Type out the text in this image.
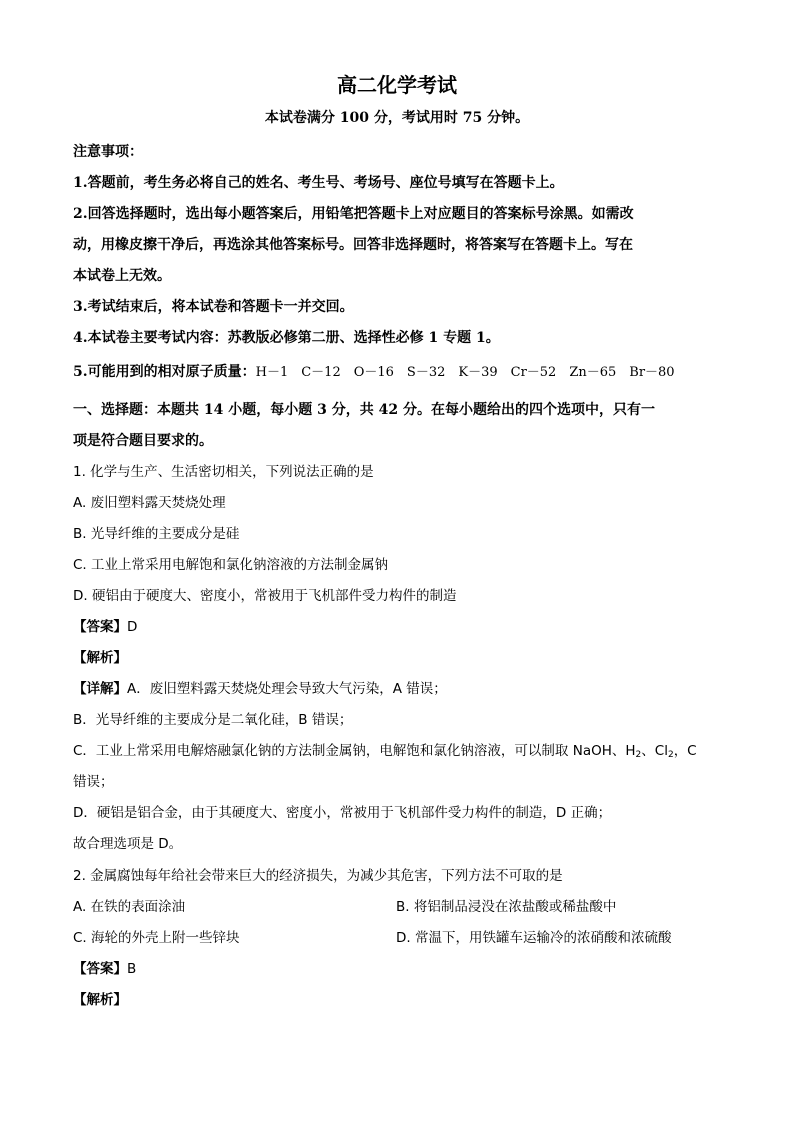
高二化学考试
本试卷满分 100 分，考试用时 75 分钟。
注意事项：
1.答题前，考生务必将自己的姓名、考生号、考场号、座位号填写在答题卡上。
2.回答选择题时，选出每小题答案后，用铅笔把答题卡上对应题目的答案标号涂黑。如需改
动，用橡皮擦干净后，再选涂其他答案标号。回答非选择题时，将答案写在答题卡上。写在
本试卷上无效。
3.考试结束后，将本试卷和答题卡一并交回。
4.本试卷主要考试内容：苏教版必修第二册、选择性必修 1 专题 1。
5.可能用到的相对原子质量：H－1　C－12　O－16　S－32　K－39　Cr－52　Zn－65　Br－80
一、选择题：本题共 14 小题，每小题 3 分，共 42 分。在每小题给出的四个选项中，只有一
项是符合题目要求的。
1. 化学与生产、生活密切相关，下列说法正确的是
A. 废旧塑料露天焚烧处理
B. 光导纤维的主要成分是硅
C. 工业上常采用电解饱和氯化钠溶液的方法制金属钠
D. 硬铝由于硬度大、密度小，常被用于飞机部件受力构件的制造
【答案】D
【解析】
【详解】A．废旧塑料露天焚烧处理会导致大气污染，A 错误；
B．光导纤维的主要成分是二氧化硅，B 错误；
C．工业上常采用电解熔融氯化钠的方法制金属钠，电解饱和氯化钠溶液，可以制取 NaOH、$H_2$、$Cl_2$，C
错误；
D．硬铝是铝合金，由于其硬度大、密度小，常被用于飞机部件受力构件的制造，D 正确；
故合理选项是 D。
2. 金属腐蚀每年给社会带来巨大的经济损失，为减少其危害，下列方法不可取的是
A. 在铁的表面涂油	B. 将铝制品浸没在浓盐酸或稀盐酸中
C. 海轮的外壳上附一些锌块	D. 常温下，用铁罐车运输冷的浓硝酸和浓硫酸
【答案】B
【解析】
